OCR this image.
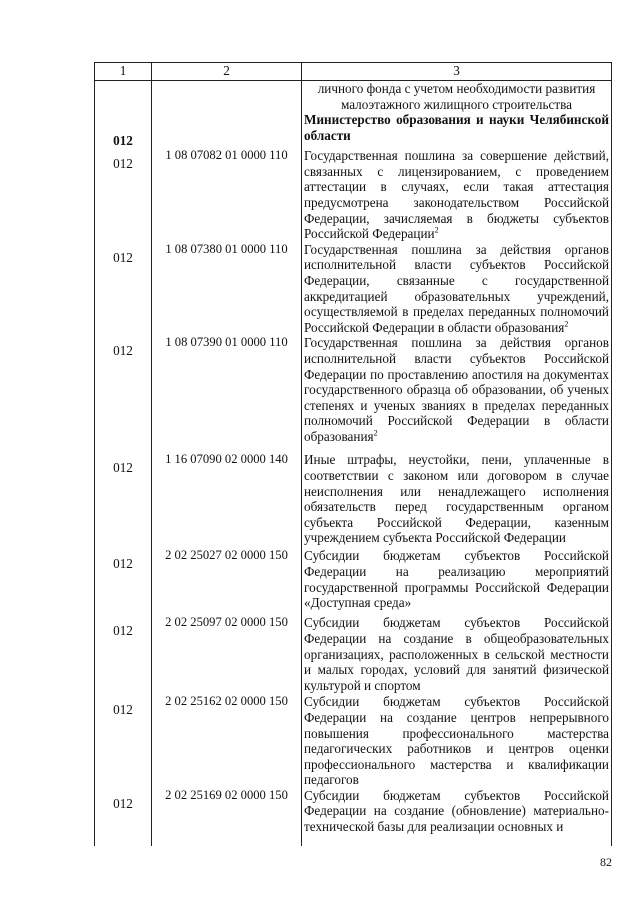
1	2	3
		личного фонда с учетом необходимости развития малоэтажного жилищного строительства
012		Министерство образования и науки Челябинской области
012	1 08 07082 01 0000 110	Государственная пошлина за совершение действий, связанных с лицензированием, с проведением аттестации в случаях, если такая аттестация предусмотрена законодательством Российской Федерации, зачисляемая в бюджеты субъектов Российской Федерации$^2$
012	1 08 07380 01 0000 110	Государственная пошлина за действия органов исполнительной власти субъектов Российской Федерации, связанные с государственной аккредитацией образовательных учреждений, осуществляемой в пределах переданных полномочий Российской Федерации в области образования$^2$
012	1 08 07390 01 0000 110	Государственная пошлина за действия органов исполнительной власти субъектов Российской Федерации по проставлению апостиля на документах государственного образца об образовании, об ученых степенях и ученых званиях в пределах переданных полномочий Российской Федерации в области образования$^2$
012	1 16 07090 02 0000 140	Иные штрафы, неустойки, пени, уплаченные в соответствии с законом или договором в случае неисполнения или ненадлежащего исполнения обязательств перед государственным органом субъекта Российской Федерации, казенным учреждением субъекта Российской Федерации
012	2 02 25027 02 0000 150	Субсидии бюджетам субъектов Российской Федерации на реализацию мероприятий государственной программы Российской Федерации «Доступная среда»
012	2 02 25097 02 0000 150	Субсидии бюджетам субъектов Российской Федерации на создание в общеобразовательных организациях, расположенных в сельской местности и малых городах, условий для занятий физической культурой и спортом
012	2 02 25162 02 0000 150	Субсидии бюджетам субъектов Российской Федерации на создание центров непрерывного повышения профессионального мастерства педагогических работников и центров оценки профессионального мастерства и квалификации педагогов
012	2 02 25169 02 0000 150	Субсидии бюджетам субъектов Российской Федерации на создание (обновление) материально-технической базы для реализации основных и
82
